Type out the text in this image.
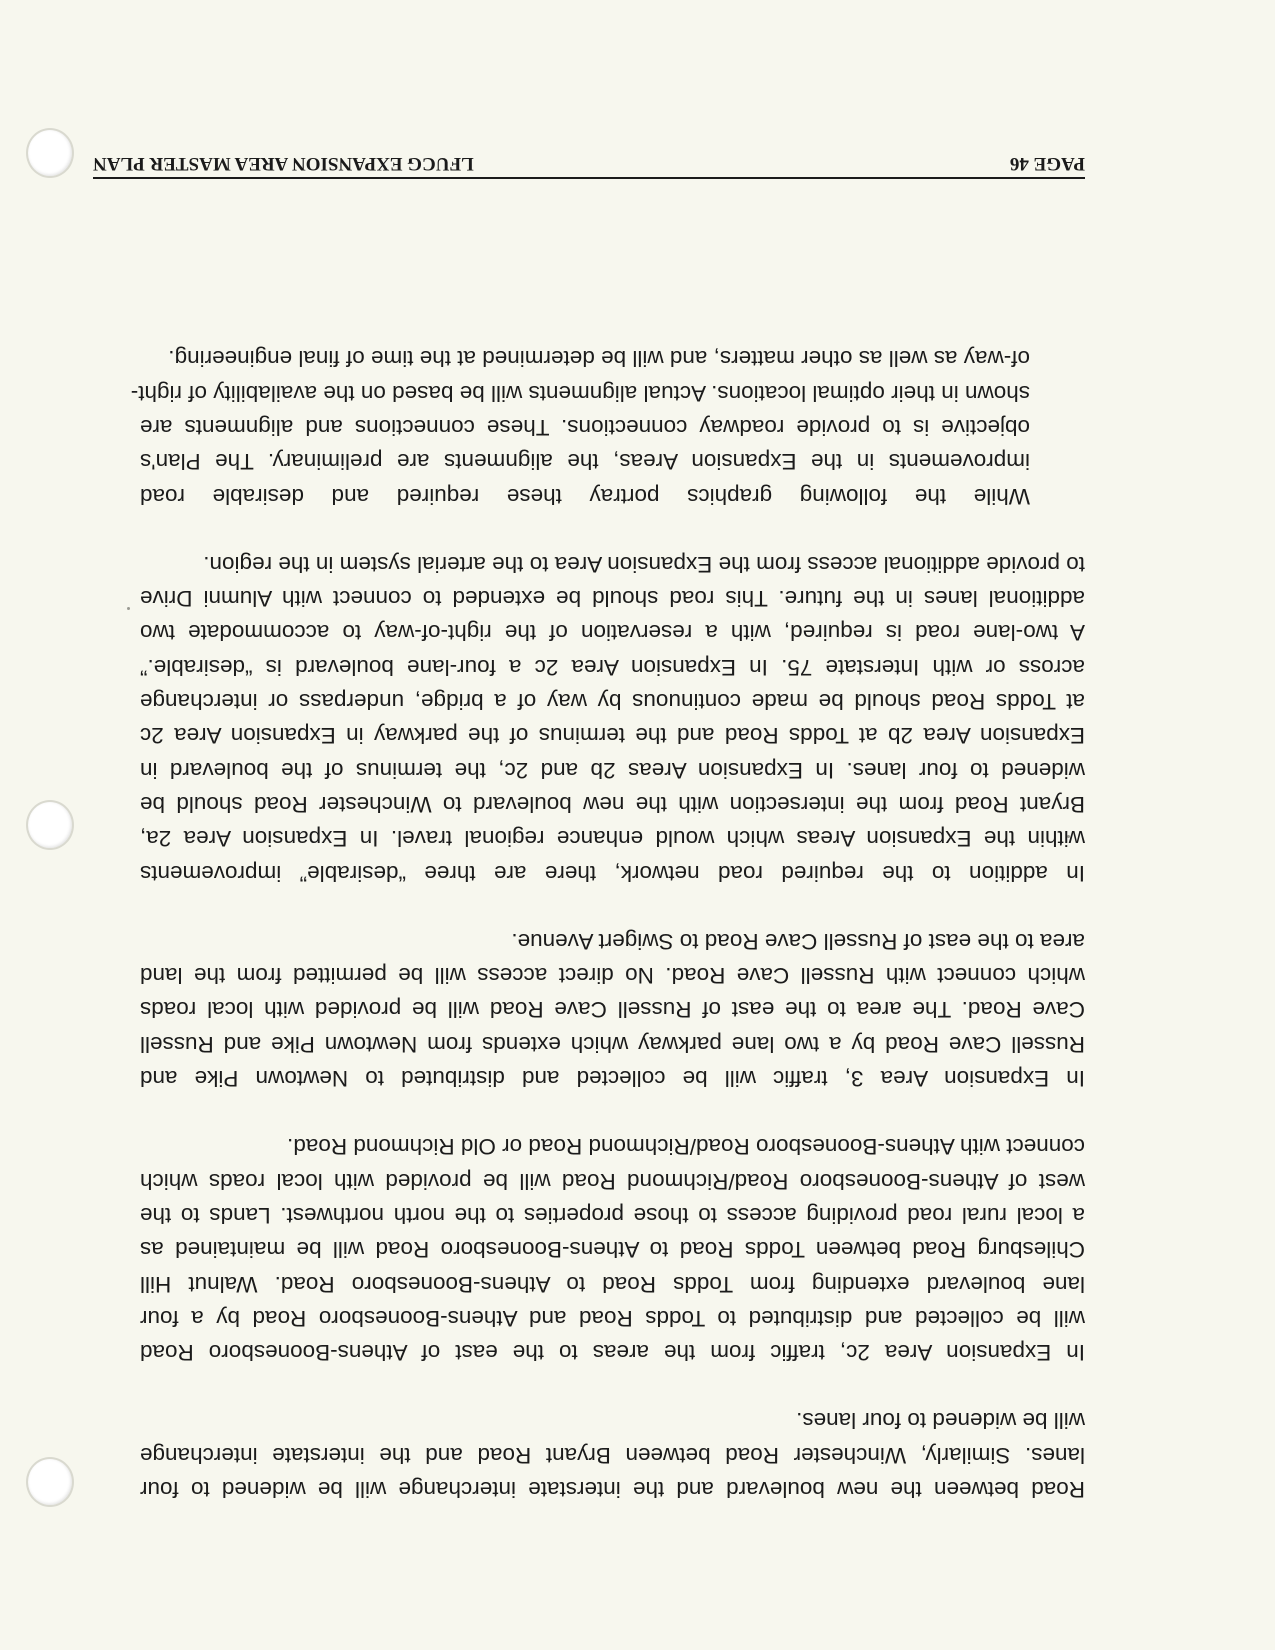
Road between the new boulevard and the interstate interchange will be widened to four
lanes. Similarly, Winchester Road between Bryant Road and the interstate interchange
will be widened to four lanes.
In Expansion Area 2c, traffic from the areas to the east of Athens-Boonesboro Road
will be collected and distributed to Todds Road and Athens-Boonesboro Road by a four
lane boulevard extending from Todds Road to Athens-Boonesboro Road. Walnut Hill
Chilesburg Road between Todds Road to Athens-Boonesboro Road will be maintained as
a local rural road providing access to those properties to the north northwest. Lands to the
west of Athens-Boonesboro Road/Richmond Road will be provided with local roads which
connect with Athens-Boonesboro Road/Richmond Road or Old Richmond Road.
In Expansion Area 3, traffic will be collected and distributed to Newtown Pike and
Russell Cave Road by a two lane parkway which extends from Newtown Pike and Russell
Cave Road. The area to the east of Russell Cave Road will be provided with local roads
which connect with Russell Cave Road. No direct access will be permitted from the land
area to the east of Russell Cave Road to Swigert Avenue.
In addition to the required road network, there are three “desirable” improvements
within the Expansion Areas which would enhance regional travel. In Expansion Area 2a,
Bryant Road from the intersection with the new boulevard to Winchester Road should be
widened to four lanes. In Expansion Areas 2b and 2c, the terminus of the boulevard in
Expansion Area 2b at Todds Road and the terminus of the parkway in Expansion Area 2c
at Todds Road should be made continuous by way of a bridge, underpass or interchange
across or with Interstate 75. In Expansion Area 2c a four-lane boulevard is “desirable.”
A two-lane road is required, with a reservation of the right-of-way to accommodate two
additional lanes in the future. This road should be extended to connect with Alumni Drive
to provide additional access from the Expansion Area to the arterial system in the region.
While the following graphics portray these required and desirable road
improvements in the Expansion Areas, the alignments are preliminary. The Plan's
objective is to provide roadway connections. These connections and alignments are
shown in their optimal locations. Actual alignments will be based on the availability of right-
of-way as well as other matters, and will be determined at the time of final engineering.
PAGE 46
LFUCG EXPANSION AREA MASTER PLAN
